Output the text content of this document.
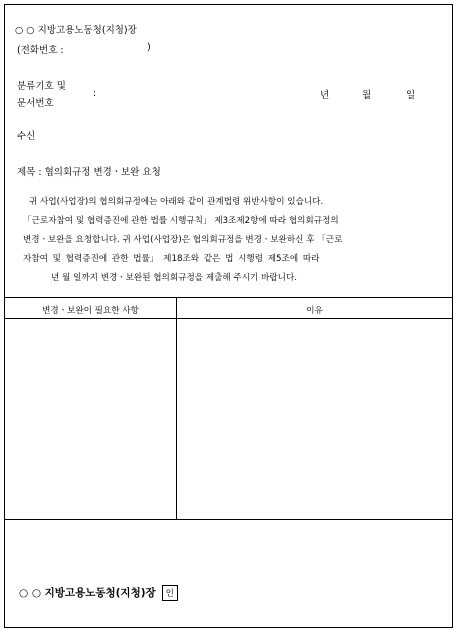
○ ○ 지방고용노동청(지청)장
(전화번호 :	)
분류기호 및
문서번호
:	년	월	일
수신
제목 : 협의회규정 변경ㆍ보완 요청
귀 사업(사업장)의 협의회규정에는 아래와 같이 관계법령 위반사항이 있습니다.
「근로자참여 및 협력증진에 관한 법률 시행규칙」 제3조제2항에 따라 협의회규정의
변경ㆍ보완을 요청합니다. 귀 사업(사업장)은 협의회규정을 변경ㆍ보완하신 후 「근로
자참여 및 협력증진에 관한 법률」 제18조와 같은 법 시행령 제5조에 따라
년 월 일까지 변경ㆍ보완된 협의회규정을 제출해 주시기 바랍니다.
변경ㆍ보완이 필요한 사항	이유
○ ○ 지방고용노동청(지청)장 인
